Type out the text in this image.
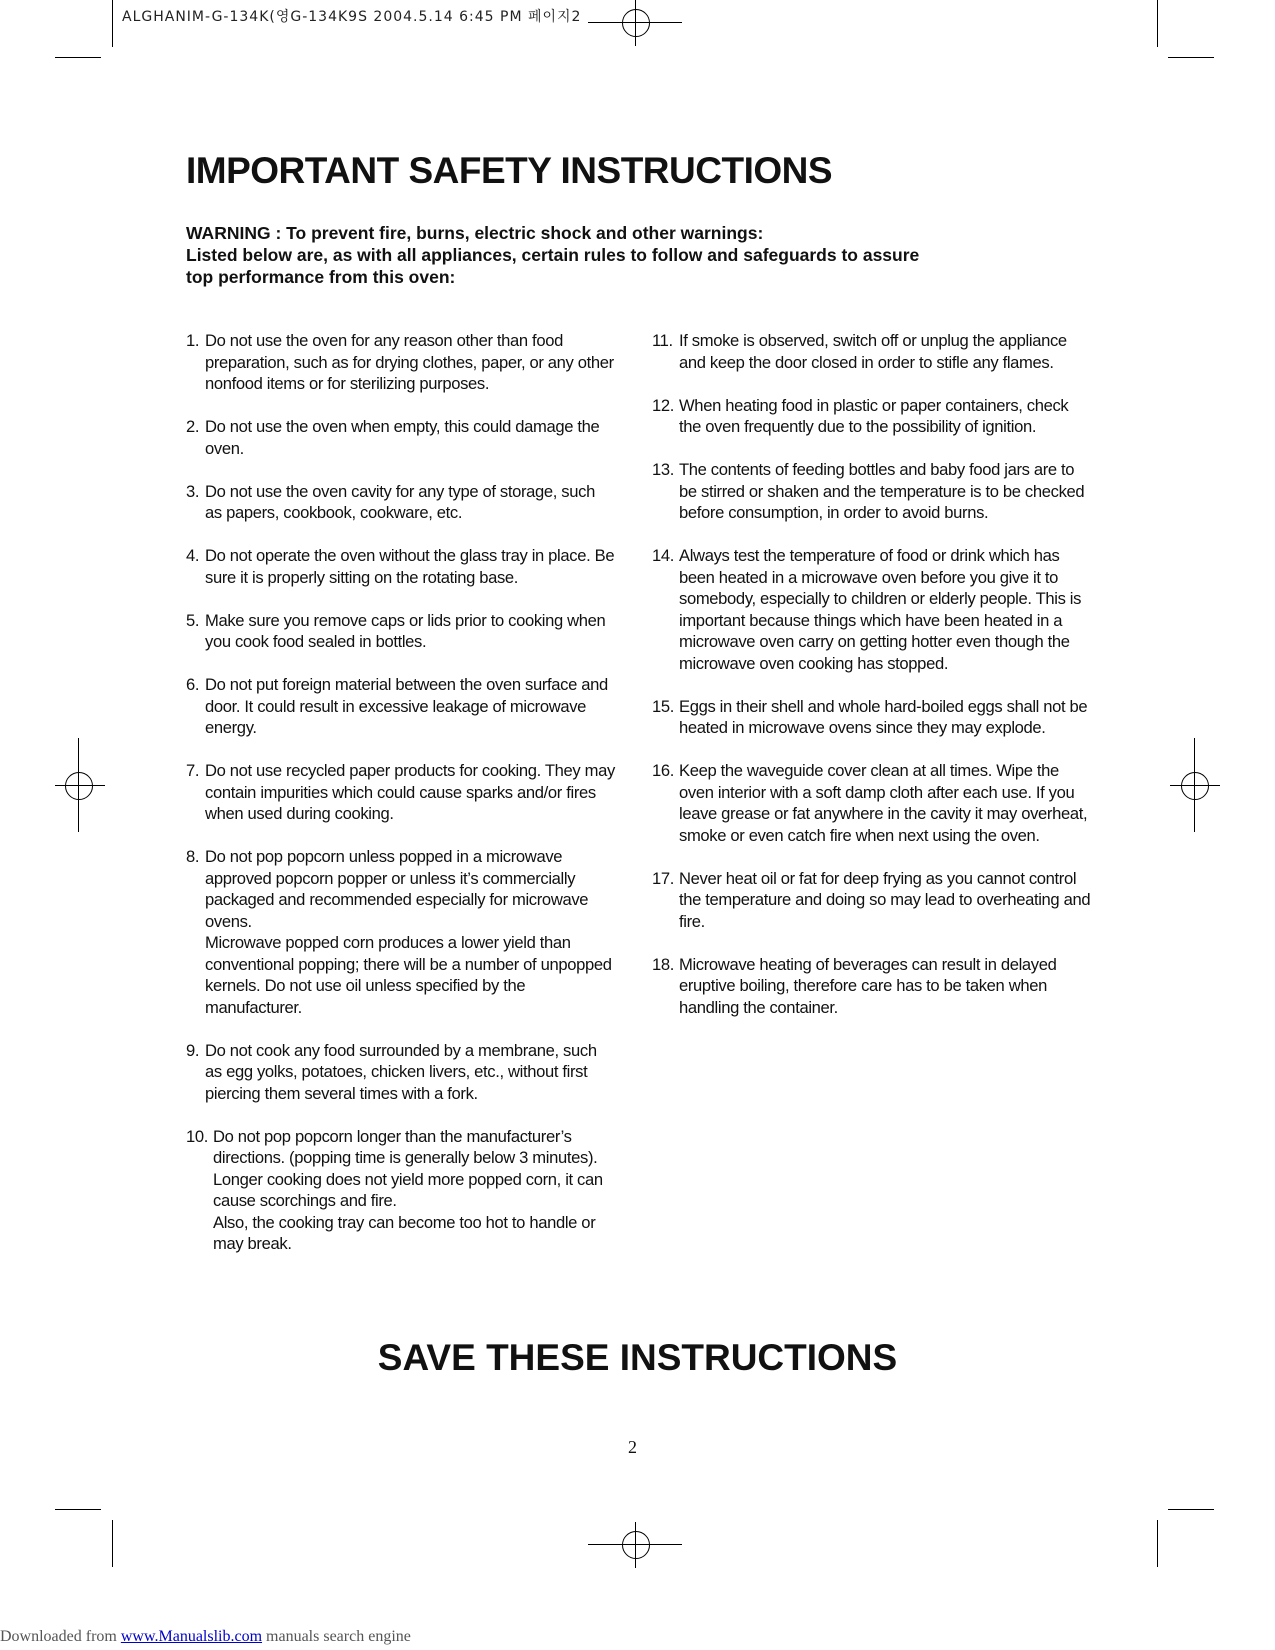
ALGHANIM-G-134K(영G-134K9S 2004.5.14 6:45 PM 페이지2
IMPORTANT SAFETY INSTRUCTIONS
WARNING : To prevent fire, burns, electric shock and other warnings:
Listed below are, as with all appliances, certain rules to follow and safeguards to assure
top performance from this oven:
1. Do not use the oven for any reason other than food preparation, such as for drying clothes, paper, or any other nonfood items or for sterilizing purposes.

2. Do not use the oven when empty, this could damage the oven.

3. Do not use the oven cavity for any type of storage, such as papers, cookbook, cookware, etc.

4. Do not operate the oven without the glass tray in place. Be sure it is properly sitting on the rotating base.

5. Make sure you remove caps or lids prior to cooking when you cook food sealed in bottles.

6. Do not put foreign material between the oven surface and door. It could result in excessive leakage of microwave energy.

7. Do not use recycled paper products for cooking. They may contain impurities which could cause sparks and/or fires when used during cooking.

8. Do not pop popcorn unless popped in a microwave approved popcorn popper or unless it’s commercially packaged and recommended especially for microwave ovens.

Microwave popped corn produces a lower yield than conventional popping; there will be a number of unpopped kernels. Do not use oil unless specified by the manufacturer.

9. Do not cook any food surrounded by a membrane, such as egg yolks, potatoes, chicken livers, etc., without first piercing them several times with a fork.

10. Do not pop popcorn longer than the manufacturer’s directions. (popping time is generally below 3 minutes). Longer cooking does not yield more popped corn, it can cause scorchings and fire.

Also, the cooking tray can become too hot to handle or may break.

11. If smoke is observed, switch off or unplug the appliance and keep the door closed in order to stifle any flames.

12. When heating food in plastic or paper containers, check the oven frequently due to the possibility of ignition.

13. The contents of feeding bottles and baby food jars are to be stirred or shaken and the temperature is to be checked before consumption, in order to avoid burns.

14. Always test the temperature of food or drink which has been heated in a microwave oven before you give it to somebody, especially to children or elderly people. This is important because things which have been heated in a microwave oven carry on getting hotter even though the microwave oven cooking has stopped.

15. Eggs in their shell and whole hard-boiled eggs shall not be heated in microwave ovens since they may explode.

16. Keep the waveguide cover clean at all times. Wipe the oven interior with a soft damp cloth after each use. If you leave grease or fat anywhere in the cavity it may overheat, smoke or even catch fire when next using the oven.

17. Never heat oil or fat for deep frying as you cannot control the temperature and doing so may lead to overheating and fire.

18. Microwave heating of beverages can result in delayed eruptive boiling, therefore care has to be taken when handling the container.

SAVE THESE INSTRUCTIONS
2
Downloaded from www.Manualslib.com manuals search engine
